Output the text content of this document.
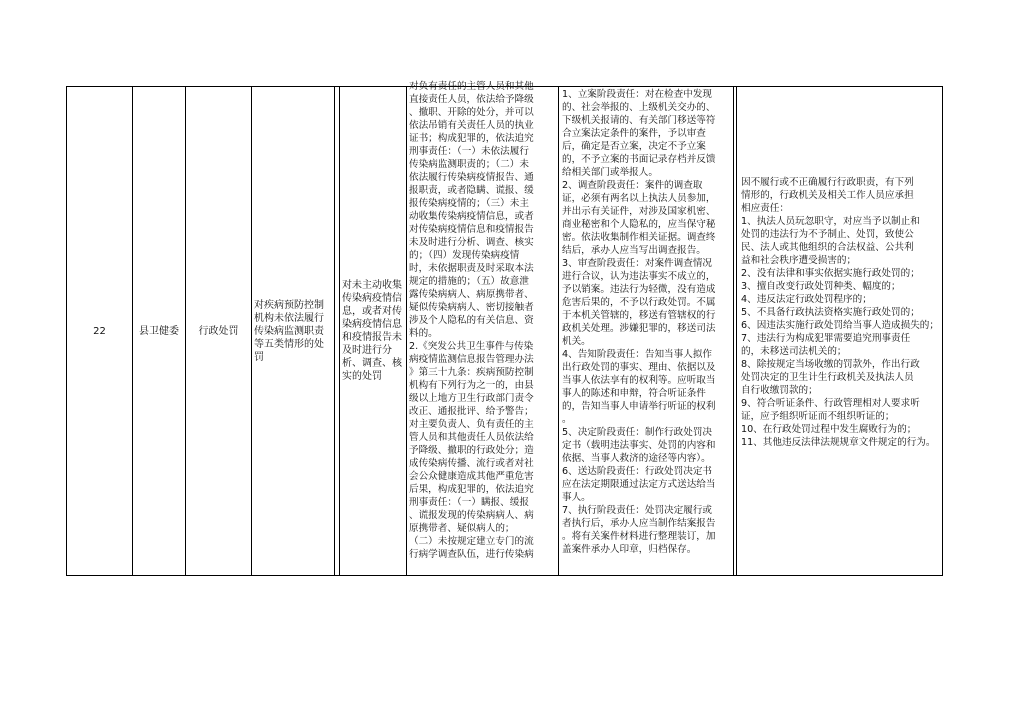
22	县卫健委 行政处罚
对疾病预防控制机构未依法履行传染病监测职责等五类情形的处罚
对未主动收集传染病疫情信息，或者对传染病疫情信息和疫情报告未及时进行分析、调查、核实的处罚
对负有责任的主管人员和其他
直接责任人员，依法给予降级
、撤职、开除的处分，并可以
依法吊销有关责任人员的执业
证书；构成犯罪的，依法追究
刑事责任：（一）未依法履行
传染病监测职责的；（二）未
依法履行传染病疫情报告、通
报职责，或者隐瞒、谎报、缓
报传染病疫情的；（三）未主
动收集传染病疫情信息，或者
对传染病疫情信息和疫情报告
未及时进行分析、调查、核实
的；（四）发现传染病疫情
时，未依据职责及时采取本法
规定的措施的；（五）故意泄
露传染病病人、病原携带者、
疑似传染病病人、密切接触者
涉及个人隐私的有关信息、资
料的。
2.《突发公共卫生事件与传染
病疫情监测信息报告管理办法
》第三十九条：疾病预防控制
机构有下列行为之一的，由县
级以上地方卫生行政部门责令
改正、通报批评、给予警告；
对主要负责人、负有责任的主
管人员和其他责任人员依法给
予降级、撤职的行政处分；造
成传染病传播、流行或者对社
会公众健康造成其他严重危害
后果，构成犯罪的，依法追究
刑事责任：（一）瞒报、缓报
、谎报发现的传染病病人、病
原携带者、疑似病人的；
（二）未按规定建立专门的流
行病学调查队伍，进行传染病
1、立案阶段责任：对在检查中发现
的、社会举报的、上级机关交办的、
下级机关报请的、有关部门移送等符
合立案法定条件的案件，予以审查
后，确定是否立案，决定不予立案
的，不予立案的书面记录存档并反馈
给相关部门或举报人。
2、调查阶段责任：案件的调查取
证，必须有两名以上执法人员参加，
并出示有关证件，对涉及国家机密、
商业秘密和个人隐私的，应当保守秘
密。依法收集制作相关证据。调查终
结后，承办人应当写出调查报告。
3、审查阶段责任：对案件调查情况
进行合议，认为违法事实不成立的，
予以销案。违法行为轻微，没有造成
危害后果的，不予以行政处罚。不属
于本机关管辖的，移送有管辖权的行
政机关处理。涉嫌犯罪的，移送司法
机关。
4、告知阶段责任：告知当事人拟作
出行政处罚的事实、理由、依据以及
当事人依法享有的权利等。应听取当
事人的陈述和申辩，符合听证条件
的，告知当事人申请举行听证的权利
。
5、决定阶段责任：制作行政处罚决
定书（载明违法事实、处罚的内容和
依据、当事人救济的途径等内容）。
6、送达阶段责任：行政处罚决定书
应在法定期限通过法定方式送达给当
事人。
7、执行阶段责任：处罚决定履行或
者执行后，承办人应当制作结案报告
。将有关案件材料进行整理装订，加
盖案件承办人印章，归档保存。
因不履行或不正确履行行政职责，有下列
情形的，行政机关及相关工作人员应承担
相应责任：
1、执法人员玩忽职守，对应当予以制止和
处罚的违法行为不予制止、处罚，致使公
民、法人或其他组织的合法权益、公共利
益和社会秩序遭受损害的；
2、没有法律和事实依据实施行政处罚的；
3、擅自改变行政处罚种类、幅度的；
4、违反法定行政处罚程序的；
5、不具备行政执法资格实施行政处罚的；
6、因违法实施行政处罚给当事人造成损失的；
7、违法行为构成犯罪需要追究刑事责任
的，未移送司法机关的；
8、除按规定当场收缴的罚款外，作出行政
处罚决定的卫生计生行政机关及执法人员
自行收缴罚款的；
9、符合听证条件、行政管理相对人要求听
证，应予组织听证而不组织听证的；
10、在行政处罚过程中发生腐败行为的；
11、其他违反法律法规规章文件规定的行为。
